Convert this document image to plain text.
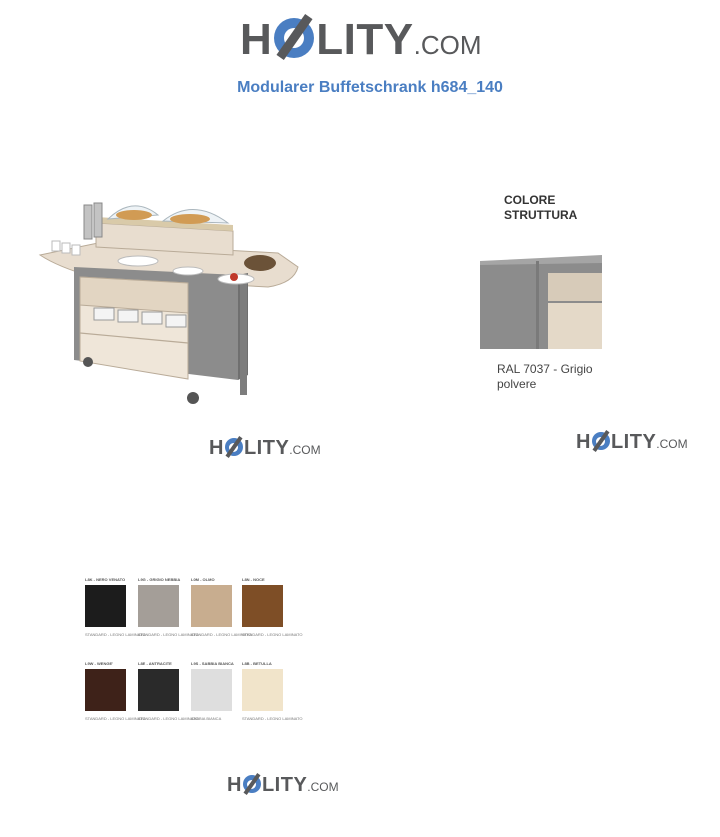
H LITY .COM
Modularer Buffetschrank h684_140
COLORE STRUTTURA
RAL 7037 - Grigio polvere
H LITY .COM	H LITY .COM
L8K - NERO VENATO
STANDARD - LEGNO LAMINATO
L9G - GRIGIO NEBBIA
STANDARD - LEGNO LAMINATO
L0M - OLMO
STANDARD - LEGNO LAMINATO
L8N - NOCE
STANDARD - LEGNO LAMINATO
L9W - WENGE'
STANDARD - LEGNO LAMINATO
L8E - ANTRACITE
STANDARD - LEGNO LAMINATO
L9S - SABBIA BIANCA
SABBIA BIANCA
L8B - BETULLA
STANDARD - LEGNO LAMINATO
H LITY .COM
